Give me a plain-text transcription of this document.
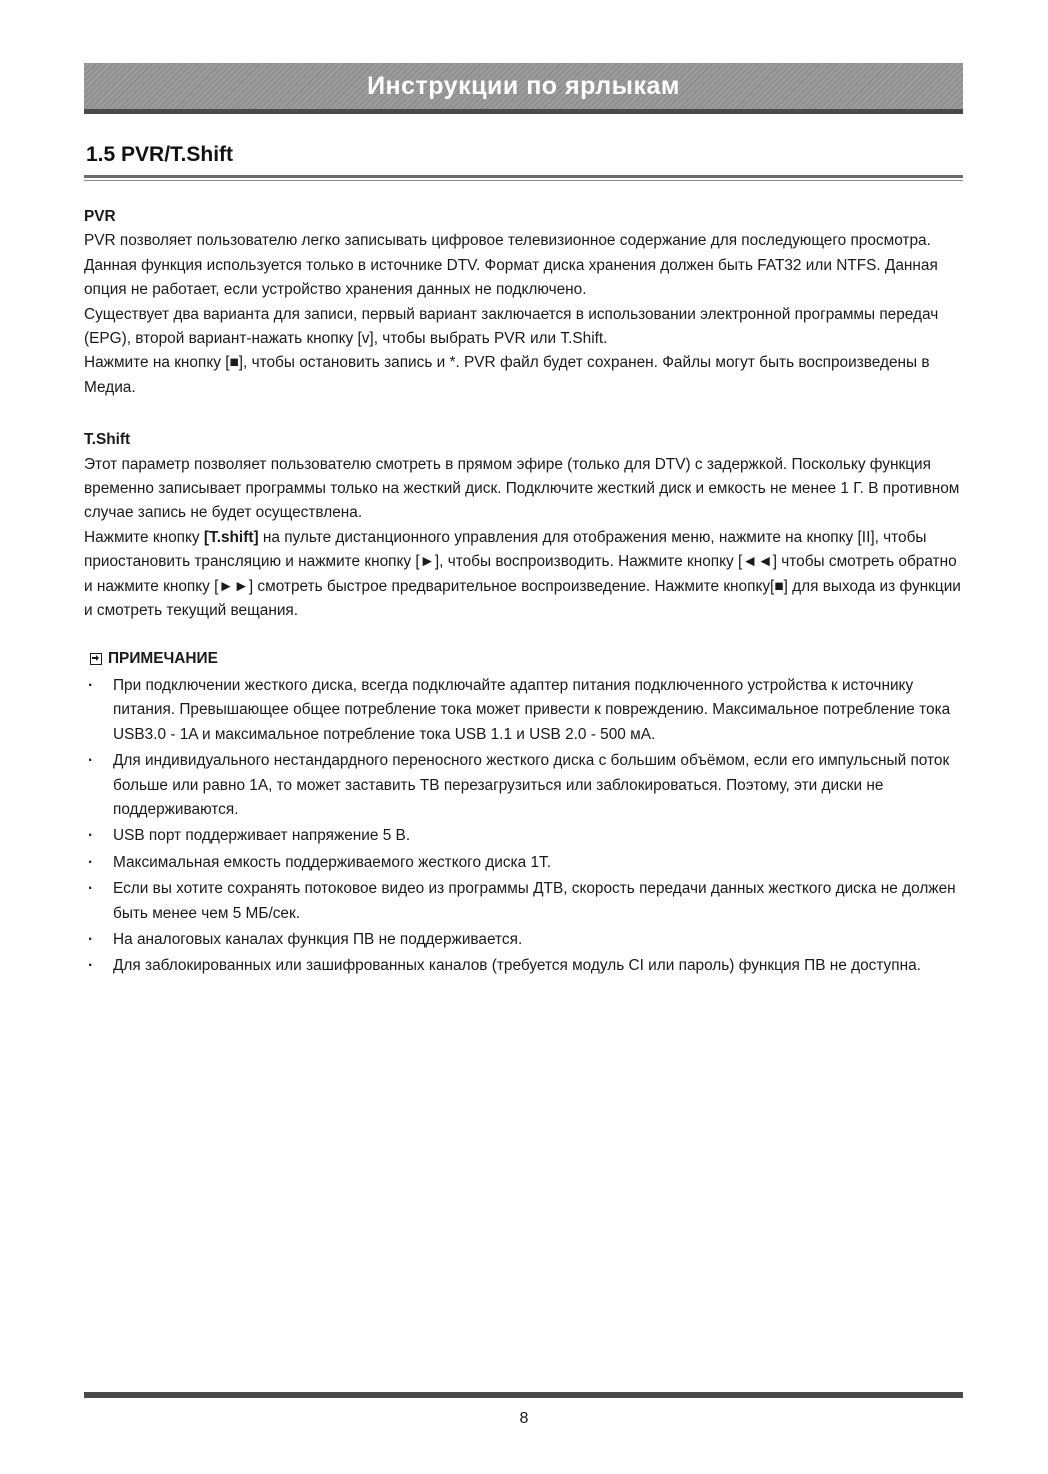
Инструкции по ярлыкам
1.5 PVR/T.Shift

PVR

PVR позволяет пользователю легко записывать цифровое телевизионное содержание для последующего просмотра. Данная функция используется только в источнике DTV. Формат диска хранения должен быть FAT32 или NTFS. Данная опция не работает, если устройство хранения данных не подключено.

Существует два варианта для записи, первый вариант заключается в использовании электронной программы передач (EPG), второй вариант-нажать кнопку [v], чтобы выбрать PVR или T.Shift.

Нажмите на кнопку [■], чтобы остановить запись и *. PVR файл будет сохранен. Файлы могут быть воспроизведены в Медиа.

T.Shift

Этот параметр позволяет пользователю смотреть в прямом эфире (только для DTV) с задержкой. Поскольку функция временно записывает программы только на жесткий диск. Подключите жесткий диск и емкость не менее 1 Г. В противном случае запись не будет осуществлена.

Нажмите кнопку [T.shift] на пульте дистанционного управления для отображения меню, нажмите на кнопку [II], чтобы приостановить трансляцию и нажмите кнопку [►], чтобы воспроизводить. Нажмите кнопку [◄◄] чтобы смотреть обратно и нажмите кнопку [►►] смотреть быстрое предварительное воспроизведение. Нажмите кнопку[■] для выхода из функции и смотреть текущий вещания.

ПРИМЕЧАНИЕ
· При подключении жесткого диска, всегда подключайте адаптер питания подключенного устройства к источнику питания. Превышающее общее потребление тока может привести к повреждению. Максимальное потребление тока USB3.0 - 1A и максимальное потребление тока USB 1.1 и USB 2.0 - 500 мА.
· Для индивидуального нестандардного переносного жесткого диска с большим объёмом, если его импульсный поток больше или равно 1A, то может заставить ТВ перезагрузиться или заблокироваться. Поэтому, эти диски не поддерживаются.
· USB порт поддерживает напряжение 5 В.
· Максимальная емкость поддерживаемого жесткого диска 1T.
· Если вы хотите сохранять потоковое видео из программы ДТВ, скорость передачи данных жесткого диска не должен быть менее чем 5 МБ/сек.
· На аналоговых каналах функция ПВ не поддерживается.
· Для заблокированных или зашифрованных каналов (требуется модуль CI или пароль) функция ПВ не доступна.
8
